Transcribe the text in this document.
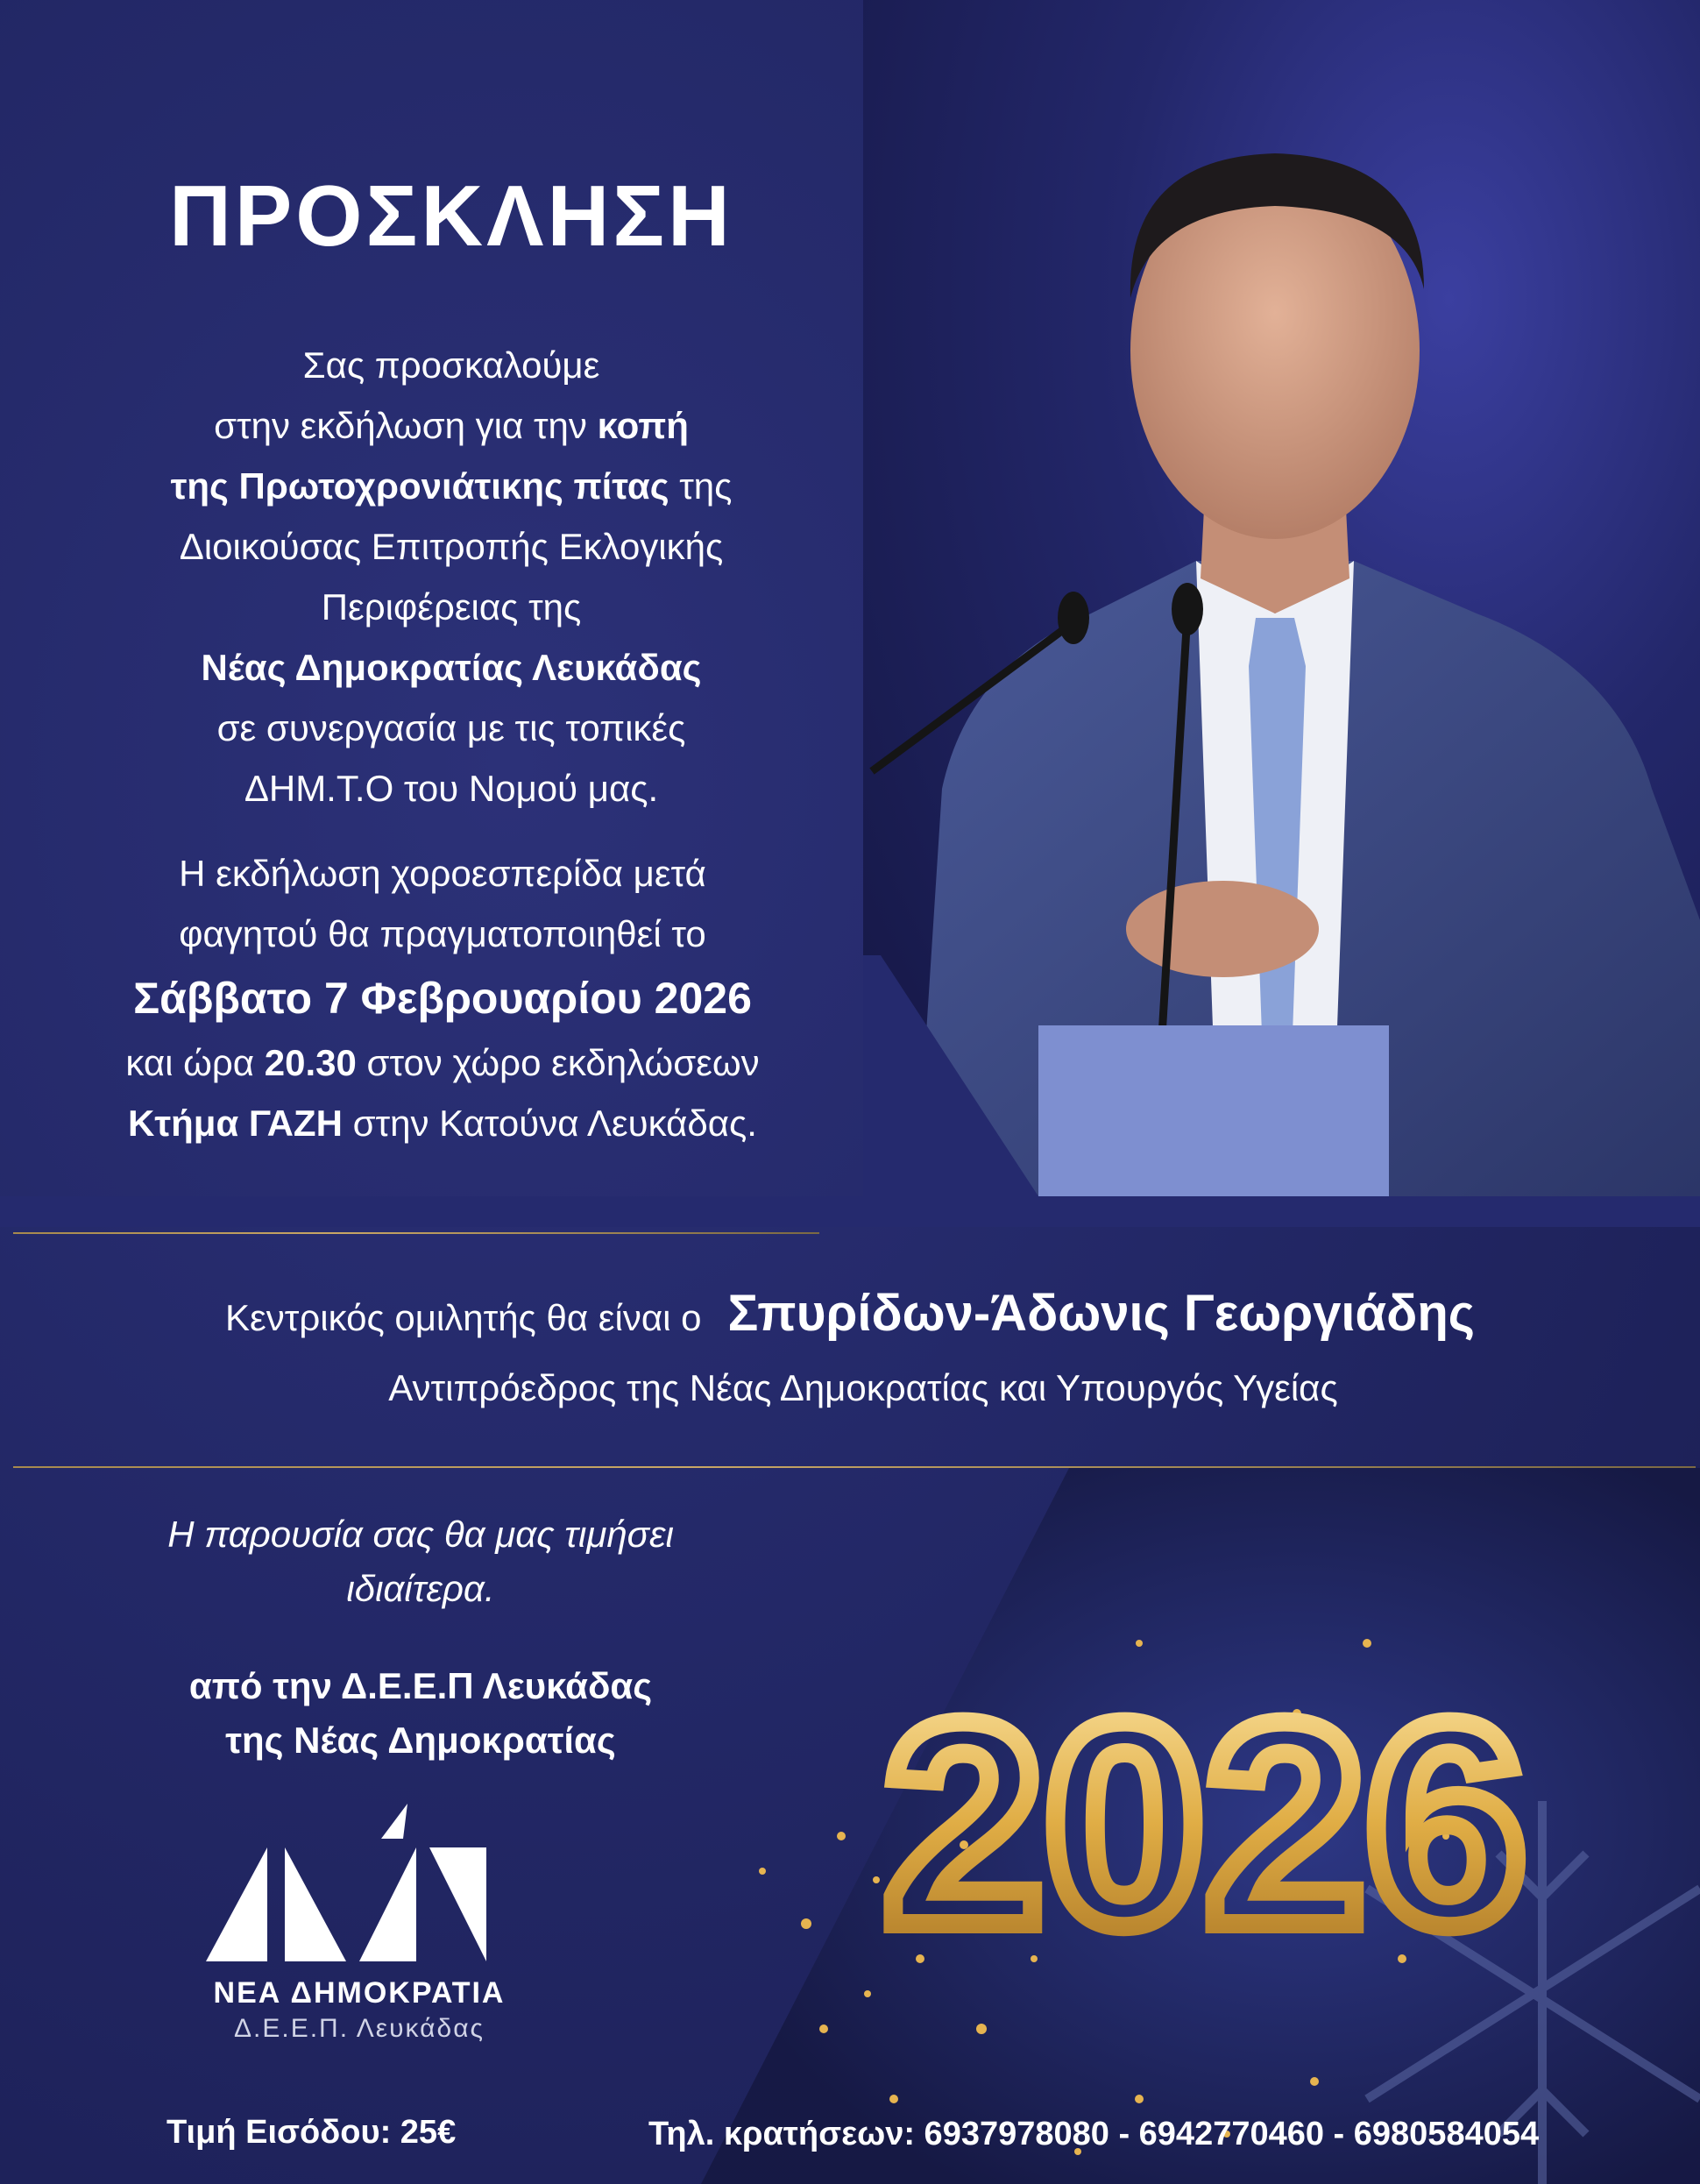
ΠΡΟΣΚΛΗΣΗ
Σας προσκαλούμε
στην εκδήλωση για την κοπή
της Πρωτοχρονιάτικης πίτας της
Διοικούσας Επιτροπής Εκλογικής
Περιφέρειας της
Νέας Δημοκρατίας Λευκάδας
σε συνεργασία με τις τοπικές
ΔΗΜ.Τ.Ο του Νομού μας.
Η εκδήλωση χοροεσπερίδα μετά
φαγητού θα πραγματοποιηθεί το
Σάββατο 7 Φεβρουαρίου 2026
και ώρα 20.30 στον χώρο εκδηλώσεων
Κτήμα ΓΑΖΗ στην Κατούνα Λευκάδας.
Κεντρικός ομιλητής θα είναι ο Σπυρίδων-Άδωνις Γεωργιάδης
Αντιπρόεδρος της Νέας Δημοκρατίας και Υπουργός Υγείας
2026
Η παρουσία σας θα μας τιμήσει
ιδιαίτερα.
από την Δ.Ε.Ε.Π Λευκάδας
της Νέας Δημοκρατίας
ΝΕΑ ΔΗΜΟΚΡΑΤΙΑ
Δ.Ε.Ε.Π. Λευκάδας
Τιμή Εισόδου: 25€	Τηλ. κρατήσεων: 6937978080 - 6942770460 - 6980584054
